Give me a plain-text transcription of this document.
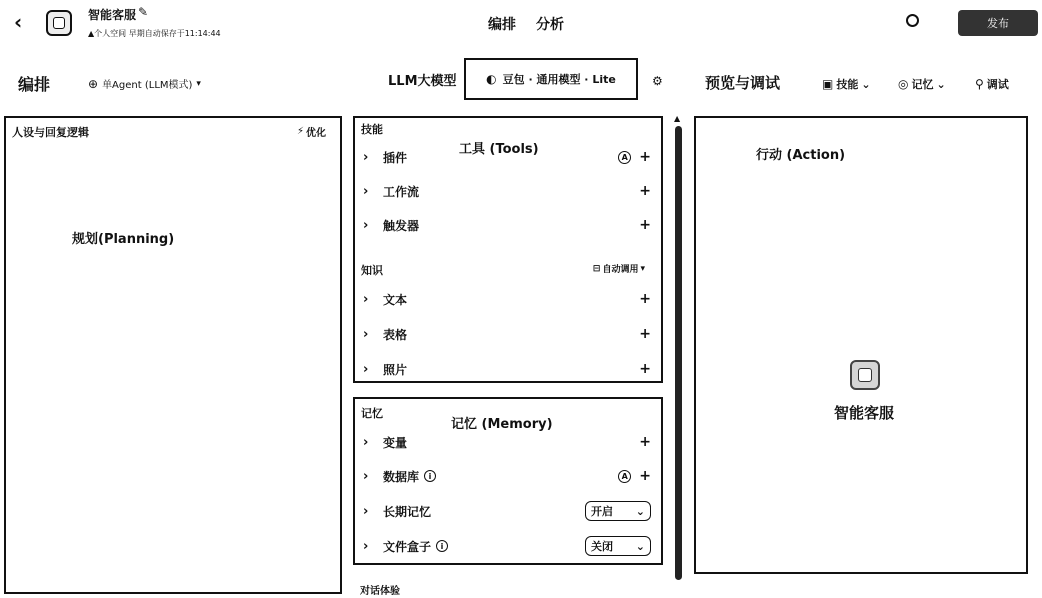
‹	智能客服 ✎
▲个人空间 早期自动保存于11:14:44
编排 分析	发布
编排	⊕ 单Agent (LLM模式) ▾	LLM大模型 ◐ 豆包 · 通用模型 · Lite	⚙	预览与调试	▣ 技能 ⌄ ◎ 记忆 ⌄ ⚲ 调试
人设与回复逻辑	⚡ 优化
规划(Planning)
技能
工具 (Tools)
›	插件	A +
›	工作流	+
›	触发器	+
知识	⊟ 自动调用 ▾
›	文本	+
›	表格	+
›	照片	+
记忆
记忆 (Memory)
›	变量	+
›	数据库	i	A +
›	长期记忆	开启 ⌄
›	文件盒子	i	关闭 ⌄
对话体验
▲
行动 (Action)
智能客服
